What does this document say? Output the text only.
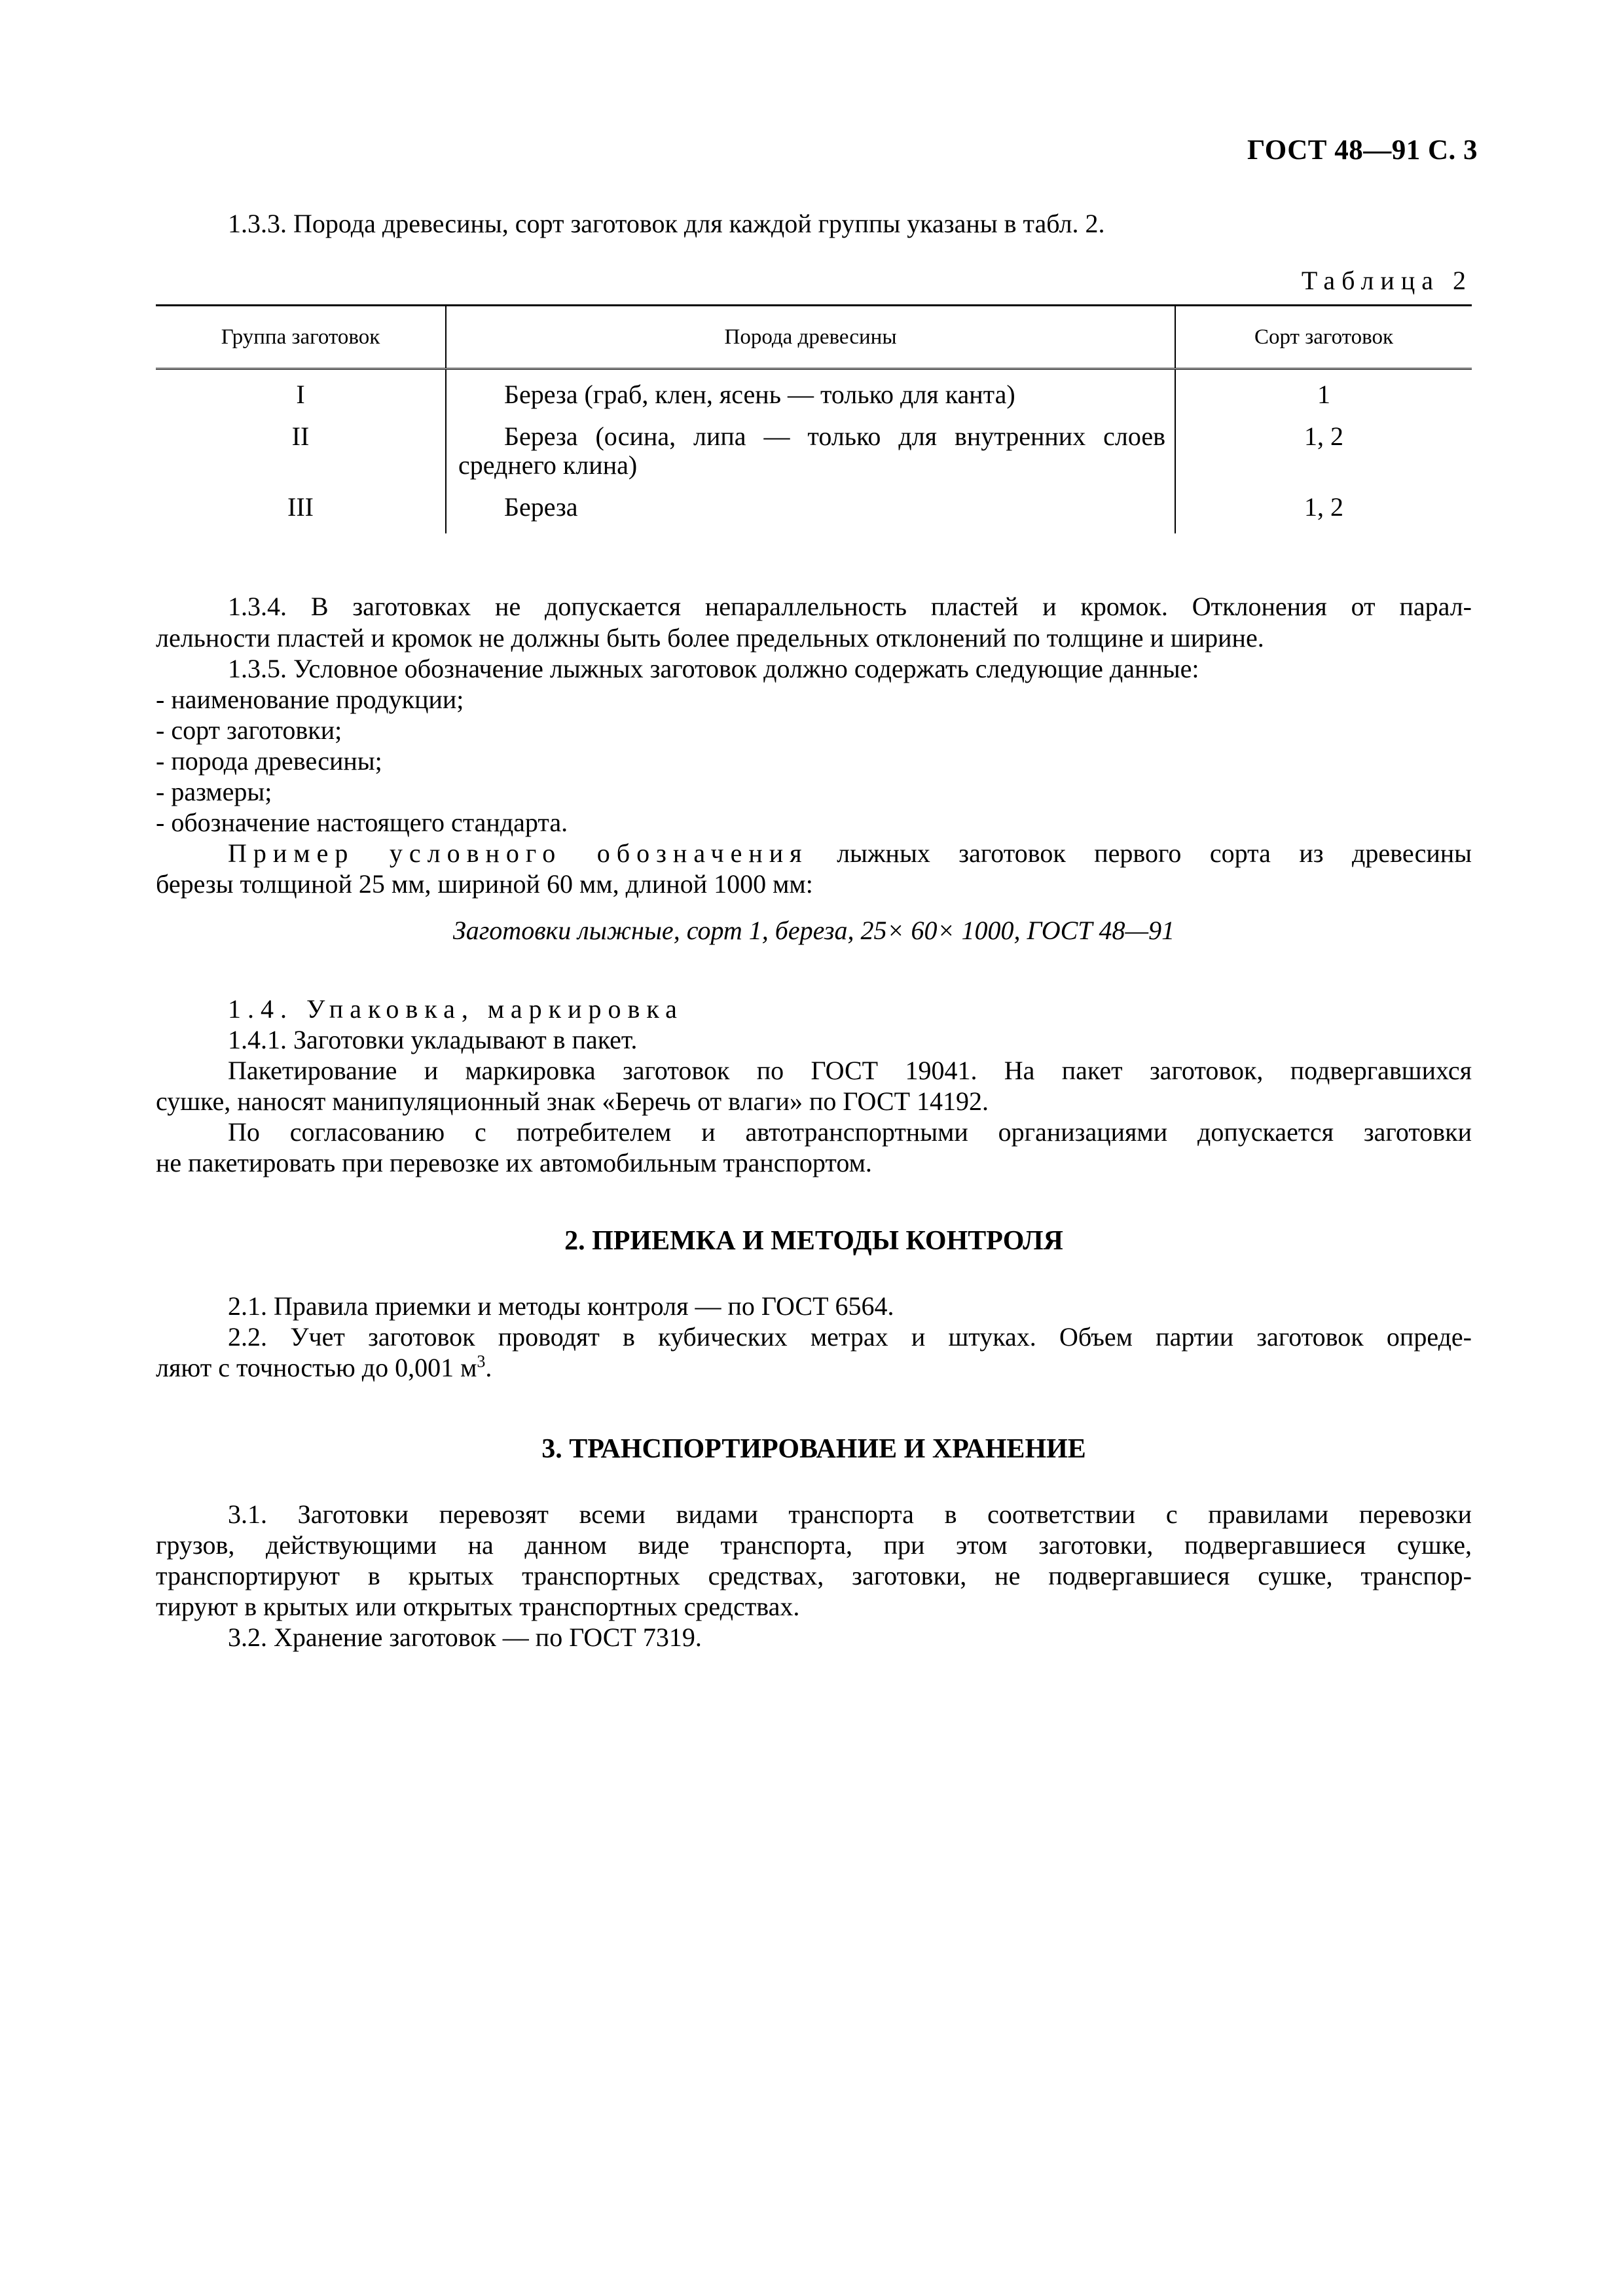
ГОСТ 48—91 С. 3
1.3.3. Порода древесины, сорт заготовок для каждой группы указаны в табл. 2.
Таблица 2
Группа заготовок	Порода древесины	Сорт заготовок
I	Береза (граб, клен, ясень — только для канта)	1
II	Береза (осина, липа — только для внутренних слоев среднего клина)	1, 2
III	Береза	1, 2
1.3.4. В заготовках не допускается непараллельность пластей и кромок. Отклонения от парал-
лельности пластей и кромок не должны быть более предельных отклонений по толщине и ширине.
1.3.5. Условное обозначение лыжных заготовок должно содержать следующие данные:
- наименование продукции;
- сорт заготовки;
- порода древесины;
- размеры;
- обозначение настоящего стандарта.
Пример условного обозначения лыжных заготовок первого сорта из древесины
березы толщиной 25 мм, шириной 60 мм, длиной 1000 мм:
Заготовки лыжные, сорт 1, береза, 25× 60× 1000, ГОСТ 48—91
1.4. Упаковка, маркировка
1.4.1. Заготовки укладывают в пакет.
Пакетирование и маркировка заготовок по ГОСТ 19041. На пакет заготовок, подвергавшихся
сушке, наносят манипуляционный знак «Беречь от влаги» по ГОСТ 14192.
По согласованию с потребителем и автотранспортными организациями допускается заготовки
не пакетировать при перевозке их автомобильным транспортом.
2. ПРИЕМКА И МЕТОДЫ КОНТРОЛЯ
2.1. Правила приемки и методы контроля — по ГОСТ 6564.
2.2. Учет заготовок проводят в кубических метрах и штуках. Объем партии заготовок опреде-
ляют с точностью до 0,001 $м^3$.
3. ТРАНСПОРТИРОВАНИЕ И ХРАНЕНИЕ
3.1. Заготовки перевозят всеми видами транспорта в соответствии с правилами перевозки
грузов, действующими на данном виде транспорта, при этом заготовки, подвергавшиеся сушке,
транспортируют в крытых транспортных средствах, заготовки, не подвергавшиеся сушке, транспор-
тируют в крытых или открытых транспортных средствах.
3.2. Хранение заготовок — по ГОСТ 7319.
